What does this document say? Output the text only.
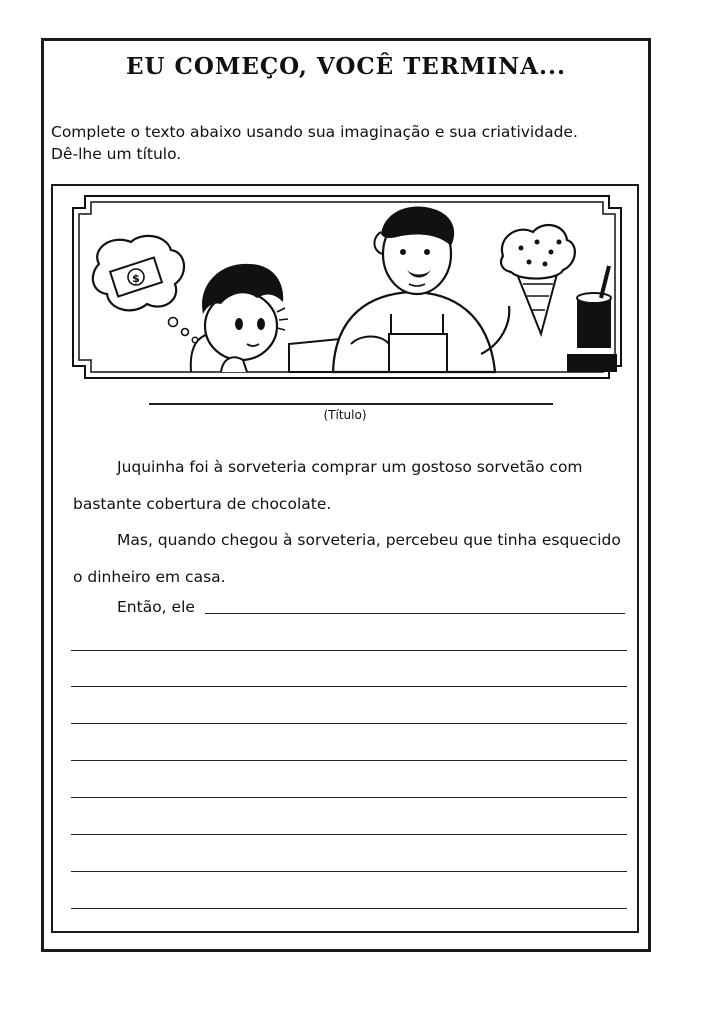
EU COMEÇO, VOCÊ TERMINA...
Complete o texto abaixo usando sua imaginação e sua criatividade.
Dê-lhe um título.
$
(Título)
Juquinha foi à sorveteria comprar um gostoso sorvetão com
bastante cobertura de chocolate.
Mas, quando chegou à sorveteria, percebeu que tinha esquecido
o dinheiro em casa.
Então, ele
